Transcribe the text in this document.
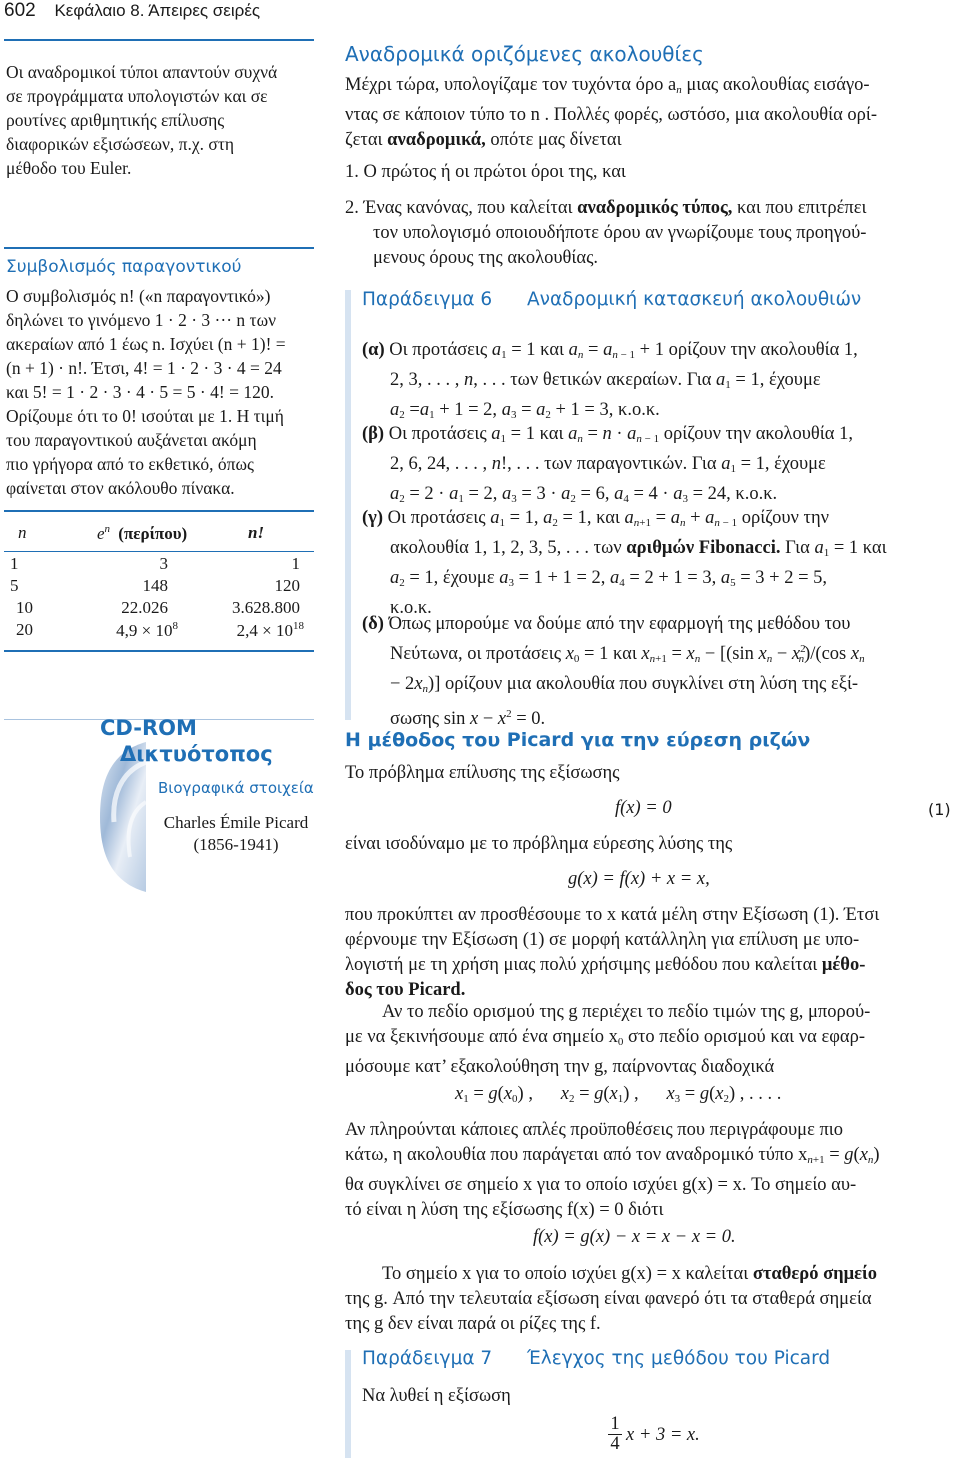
602 Κεφάλαιο 8. Άπειρες σειρές
Οι αναδρομικοί τύποι απαντούν συχνά
σε προγράμματα υπολογιστών και σε
ρουτίνες αριθμητικής επίλυσης
διαφορικών εξισώσεων, π.χ. στη
μέθοδο του Euler.
Συμβολισμός παραγοντικού
Ο συμβολισμός n! («n παραγοντικό»)
δηλώνει το γινόμενο 1 · 2 · 3 ··· n των
ακεραίων από 1 έως n. Ισχύει (n + 1)! =
(n + 1) · n!. Έτσι, 4! = 1 · 2 · 3 · 4 = 24
και 5! = 1 · 2 · 3 · 4 · 5 = 5 · 4! = 120.
Ορίζουμε ότι το 0! ισούται με 1. Η τιμή
του παραγοντικού αυξάνεται ακόμη
πιο γρήγορα από το εκθετικό, όπως
φαίνεται στον ακόλουθο πίνακα.
n	$e^n$ (περίπου)	n!
1	3	1
5	148	120
10	22.026	3.628.800
20	$4,9 \times 10^8$	$2,4 \times 10^{18}$
CD-ROM
Δικτυότοπος
Βιογραφικά στοιχεία
Charles Émile Picard
(1856-1941)
Αναδρομικά οριζόμενες ακολουθίες
Μέχρι τώρα, υπολογίζαμε τον τυχόντα όρο $a_n$ μιας ακολουθίας εισάγο-
ντας σε κάποιον τύπο το n . Πολλές φορές, ωστόσο, μια ακολουθία ορί-
ζεται αναδρομικά, οπότε μας δίνεται
1. Ο πρώτος ή οι πρώτοι όροι της, και
2. Ένας κανόνας, που καλείται αναδρομικός τύπος, και που επιτρέπει
τον υπολογισμό οποιουδήποτε όρου αν γνωρίζουμε τους προηγού-
μενους όρους της ακολουθίας.
Παράδειγμα 6 Αναδρομική κατασκευή ακολουθιών
(α) Οι προτάσεις $a_1 = 1$ και $a_n = a_{n - 1} + 1$ ορίζουν την ακολουθία 1,
2, 3, . . . , n, . . . των θετικών ακεραίων. Για $a_1 = 1$, έχουμε
$a_2 =a_1 + 1 = 2$, $a_3 = a_2 + 1 = 3$, κ.ο.κ.
(β) Οι προτάσεις $a_1 = 1$ και $a_n = n \cdot a_{n - 1}$ ορίζουν την ακολουθία 1,
2, 6, 24, . . . , n!, . . . των παραγοντικών. Για $a_1 = 1$, έχουμε
$a_2 = 2 \cdot a_1 = 2$, $a_3 = 3 \cdot a_2 = 6$, $a_4 = 4 \cdot a_3 = 24$, κ.ο.κ.
(γ) Οι προτάσεις $a_1 = 1$, $a_2 = 1$, και $a_{n+1} = a_n + a_{n - 1}$ ορίζουν την
ακολουθία 1, 1, 2, 3, 5, . . . των αριθμών Fibonacci. Για $a_1 = 1$ και
$a_2 = 1$, έχουμε $a_3 = 1 + 1 = 2$, $a_4 = 2 + 1 = 3$, $a_5 = 3 + 2 = 5$,
κ.ο.κ.
(δ) Όπως μπορούμε να δούμε από την εφαρμογή της μεθόδου του
Νεύτωνα, οι προτάσεις $x_0 = 1$ και $x_{n+1} = x_n - [(\sin$ $x_n - x^2_n)/(\cos$ $x_n$
− $2x_n$)] ορίζουν μια ακολουθία που συγκλίνει στη λύση της εξί-
σωσης $\sin x - x^2 = 0$.
Η μέθοδος του Picard για την εύρεση ριζών
Το πρόβλημα επίλυσης της εξίσωσης
f(x) = 0	(1)
είναι ισοδύναμο με το πρόβλημα εύρεσης λύσης της
g(x) = f(x) + x = x,
που προκύπτει αν προσθέσουμε το x κατά μέλη στην Εξίσωση (1). Έτσι
φέρνουμε την Εξίσωση (1) σε μορφή κατάλληλη για επίλυση με υπο-
λογιστή με τη χρήση μιας πολύ χρήσιμης μεθόδου που καλείται μέθο-
δος του Picard.
Αν το πεδίο ορισμού της g περιέχει το πεδίο τιμών της g, μπορού-
με να ξεκινήσουμε από ένα σημείο $x_0$ στο πεδίο ορισμού και να εφαρ-
μόσουμε κατ’ εξακολούθηση την g, παίρνοντας διαδοχικά
$x_1 = g(x_0)$ ,      $x_2 = g(x_1)$ ,      $x_3 = g(x_2)$ , . . . .
Αν πληρούνται κάποιες απλές προϋποθέσεις που περιγράφουμε πιο
κάτω, η ακολουθία που παράγεται από τον αναδρομικό τύπο $x_{n+1} = g(x_n)$
θα συγκλίνει σε σημείο x για το οποίο ισχύει g(x) = x. Το σημείο αυ-
τό είναι η λύση της εξίσωσης f(x) = 0 διότι
f(x) = g(x) − x = x − x = 0.
Το σημείο x για το οποίο ισχύει g(x) = x καλείται σταθερό σημείο
της g. Από την τελευταία εξίσωση είναι φανερό ότι τα σταθερά σημεία
της g δεν είναι παρά οι ρίζες της f.
Παράδειγμα 7 Έλεγχος της μεθόδου του Picard
Να λυθεί η εξίσωση
1
4 x + 3 = x.
